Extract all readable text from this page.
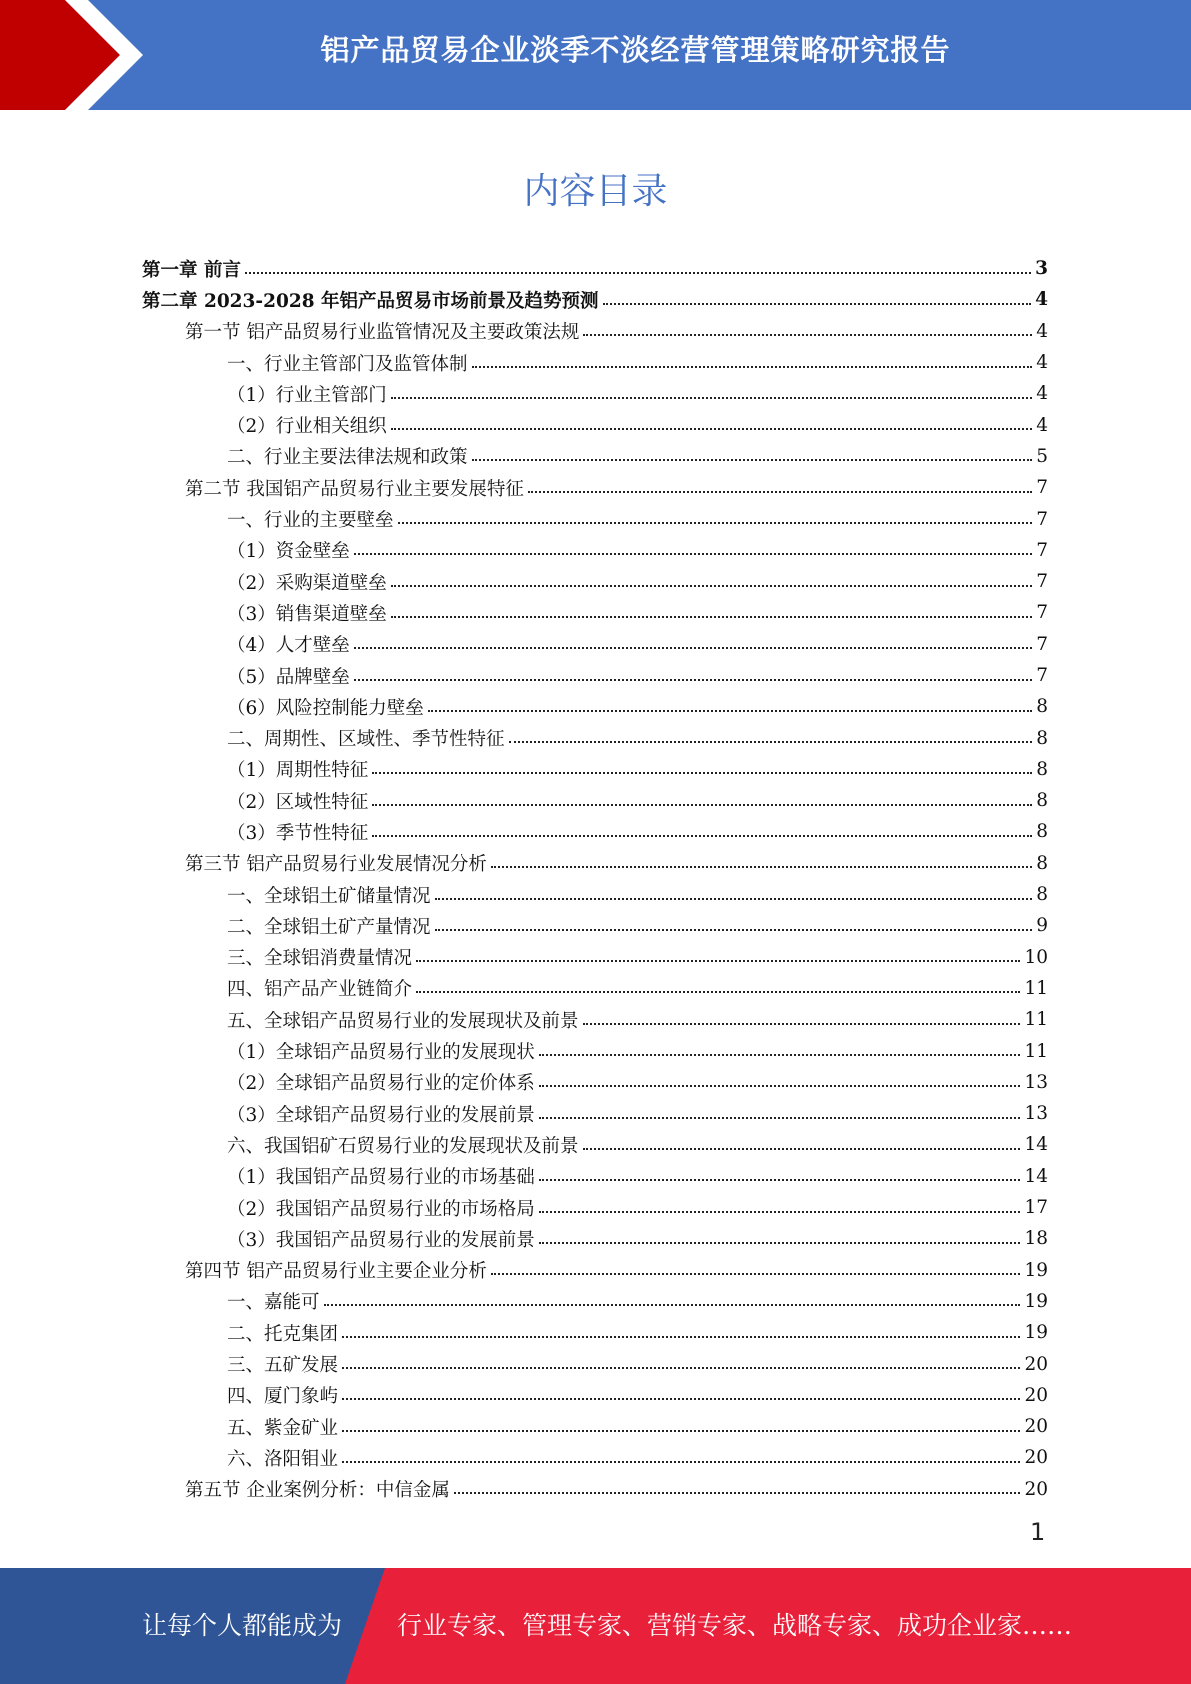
铝产品贸易企业淡季不淡经营管理策略研究报告
内容目录
第一章 前言	3
第二章 2023-2028 年铝产品贸易市场前景及趋势预测	4
第一节 铝产品贸易行业监管情况及主要政策法规	4
一、行业主管部门及监管体制	4
（1）行业主管部门	4
（2）行业相关组织	4
二、行业主要法律法规和政策	5
第二节 我国铝产品贸易行业主要发展特征	7
一、行业的主要壁垒	7
（1）资金壁垒	7
（2）采购渠道壁垒	7
（3）销售渠道壁垒	7
（4）人才壁垒	7
（5）品牌壁垒	7
（6）风险控制能力壁垒	8
二、周期性、区域性、季节性特征	8
（1）周期性特征	8
（2）区域性特征	8
（3）季节性特征	8
第三节 铝产品贸易行业发展情况分析	8
一、全球铝土矿储量情况	8
二、全球铝土矿产量情况	9
三、全球铝消费量情况	10
四、铝产品产业链简介	11
五、全球铝产品贸易行业的发展现状及前景	11
（1）全球铝产品贸易行业的发展现状	11
（2）全球铝产品贸易行业的定价体系	13
（3）全球铝产品贸易行业的发展前景	13
六、我国铝矿石贸易行业的发展现状及前景	14
（1）我国铝产品贸易行业的市场基础	14
（2）我国铝产品贸易行业的市场格局	17
（3）我国铝产品贸易行业的发展前景	18
第四节 铝产品贸易行业主要企业分析	19
一、嘉能可	19
二、托克集团	19
三、五矿发展	20
四、厦门象屿	20
五、紫金矿业	20
六、洛阳钼业	20
第五节 企业案例分析：中信金属	20
1
让每个人都能成为 行业专家、管理专家、营销专家、战略专家、成功企业家……
